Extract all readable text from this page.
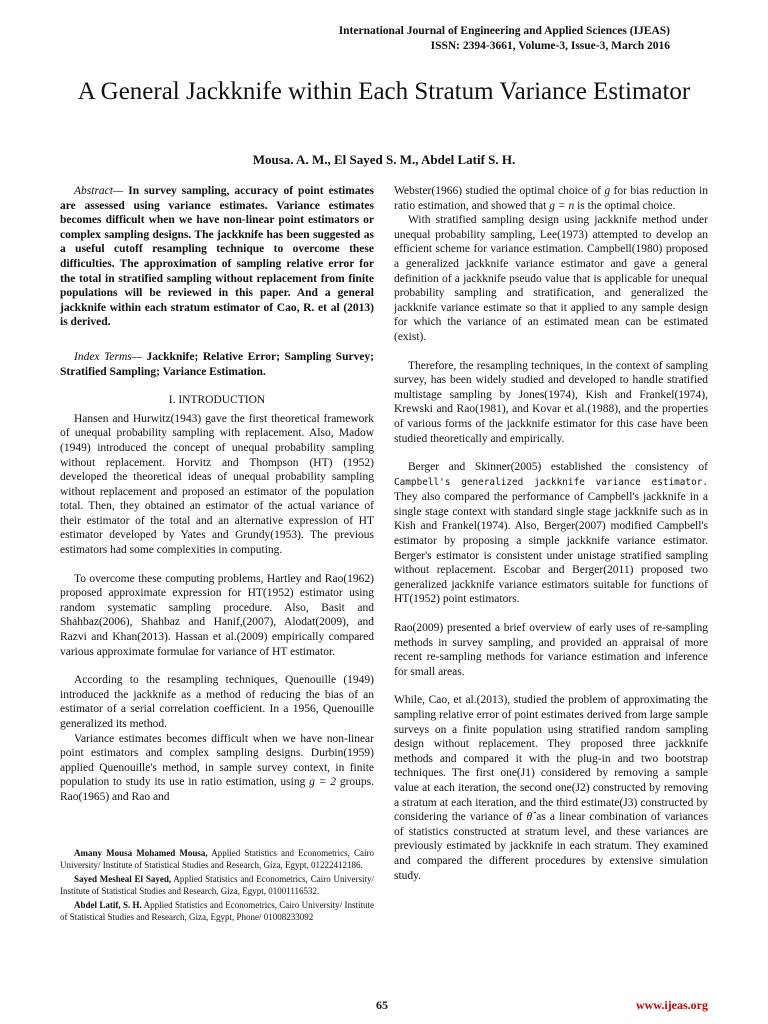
International Journal of Engineering and Applied Sciences (IJEAS)
ISSN: 2394-3661, Volume-3, Issue-3, March 2016
A General Jackknife within Each Stratum Variance Estimator
Mousa. A. M., El Sayed S. M., Abdel Latif S. H.

Abstract— In survey sampling, accuracy of point estimates are assessed using variance estimates. Variance estimates becomes difficult when we have non-linear point estimators or complex sampling designs. The jackknife has been suggested as a useful cutoff resampling technique to overcome these difficulties. The approximation of sampling relative error for the total in stratified sampling without replacement from finite populations will be reviewed in this paper. And a general jackknife within each stratum estimator of Cao, R. et al (2013) is derived.

Index Terms— Jackknife; Relative Error; Sampling Survey; Stratified Sampling; Variance Estimation.

I. INTRODUCTION

Hansen and Hurwitz(1943) gave the first theoretical framework of unequal probability sampling with replacement. Also, Madow (1949) introduced the concept of unequal probability sampling without replacement. Horvitz and Thompson (HT) (1952) developed the theoretical ideas of unequal probability sampling without replacement and proposed an estimator of the population total. Then, they obtained an estimator of the actual variance of their estimator of the total and an alternative expression of HT estimator developed by Yates and Grundy(1953). The previous estimators had some complexities in computing.

To overcome these computing problems, Hartley and Rao(1962) proposed approximate expression for HT(1952) estimator using random systematic sampling procedure. Also, Basit and Shahbaz(2006), Shahbaz and Hanif,(2007), Alodat(2009), and Razvi and Khan(2013). Hassan et al.(2009) empirically compared various approximate formulae for variance of HT estimator.

According to the resampling techniques, Quenouille (1949) introduced the jackknife as a method of reducing the bias of an estimator of a serial correlation coefficient. In a 1956, Quenouille generalized its method.

Variance estimates becomes difficult when we have non-linear point estimators and complex sampling designs. Durbin(1959) applied Quenouille's method, in sample survey context, in finite population to study its use in ratio estimation, using g = 2 groups. Rao(1965) and Rao and

Webster(1966) studied the optimal choice of g for bias reduction in ratio estimation, and showed that g = n is the optimal choice.

With stratified sampling design using jackknife method under unequal probability sampling, Lee(1973) attempted to develop an efficient scheme for variance estimation. Campbell(1980) proposed a generalized jackknife variance estimator and gave a general definition of a jackknife pseudo value that is applicable for unequal probability sampling and stratification, and generalized the jackknife variance estimate so that it applied to any sample design for which the variance of an estimated mean can be estimated (exist).

Therefore, the resampling techniques, in the context of sampling survey, has been widely studied and developed to handle stratified multistage sampling by Jones(1974), Kish and Frankel(1974), Krewski and Rao(1981), and Kovar et al.(1988), and the properties of various forms of the jackknife estimator for this case have been studied theoretically and empirically.

Berger and Skinner(2005) established the consistency of Campbell's generalized jackknife variance estimator. They also compared the performance of Campbell's jackknife in a single stage context with standard single stage jackknife such as in Kish and Frankel(1974). Also, Berger(2007) modified Campbell's estimator by proposing a simple jackknife variance estimator. Berger's estimator is consistent under unistage stratified sampling without replacement. Escobar and Berger(2011) proposed two generalized jackknife variance estimators suitable for functions of HT(1952) point estimators.

Rao(2009) presented a brief overview of early uses of re-sampling methods in survey sampling, and provided an appraisal of more recent re-sampling methods for variance estimation and inference for small areas.

While, Cao, et al.(2013), studied the problem of approximating the sampling relative error of point estimates derived from large sample surveys on a finite population using stratified random sampling design without replacement. They proposed three jackknife methods and compared it with the plug-in and two bootstrap techniques. The first one(J1) considered by removing a sample value at each iteration, the second one(J2) constructed by removing a stratum at each iteration, and the third estimate(J3) constructed by considering the variance of θ̂ as a linear combination of variances of statistics constructed at stratum level, and these variances are previously estimated by jackknife in each stratum. They examined and compared the different procedures by extensive simulation study.

Amany Mousa Mohamed Mousa, Applied Statistics and Econometrics, Cairo University/ Institute of Statistical Studies and Research, Giza, Egypt, 01222412186.

Sayed Mesheal El Sayed, Applied Statistics and Econometrics, Cairo University/ Institute of Statistical Studies and Research, Giza, Egypt, 01001116532.

Abdel Latif, S. H. Applied Statistics and Econometrics, Cairo University/ Institute of Statistical Studies and Research, Giza, Egypt, Phone/ 01008233092

65	www.ijeas.org
